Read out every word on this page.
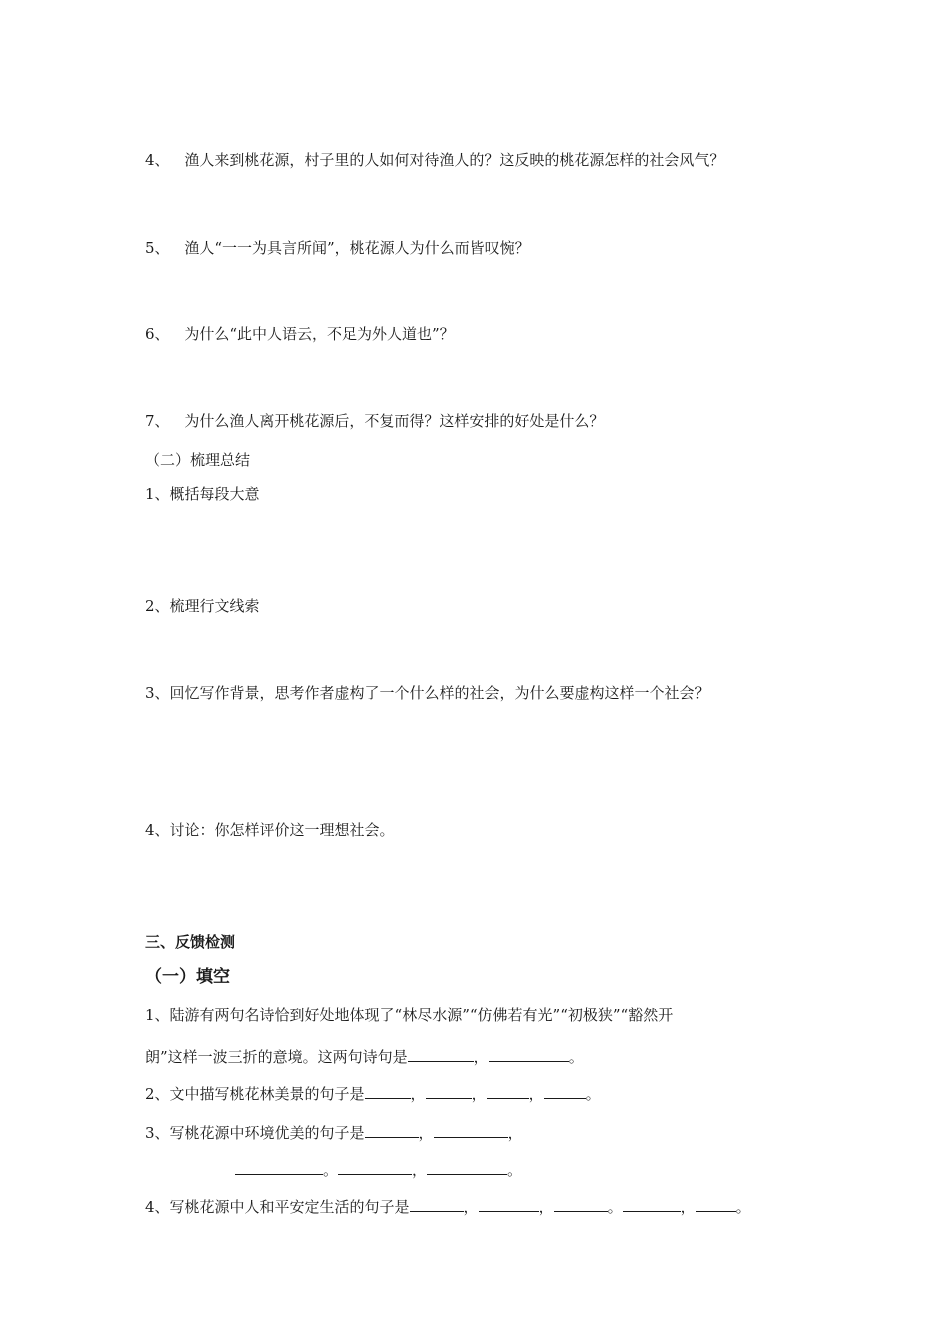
4、 渔人来到桃花源，村子里的人如何对待渔人的？这反映的桃花源怎样的社会风气？
5、 渔人“一一为具言所闻”，桃花源人为什么而皆叹惋？
6、 为什么“此中人语云，不足为外人道也”？
7、 为什么渔人离开桃花源后，不复而得？这样安排的好处是什么？
（二）梳理总结
1、概括每段大意
2、梳理行文线索
3、回忆写作背景，思考作者虚构了一个什么样的社会，为什么要虚构这样一个社会？
4、讨论：你怎样评价这一理想社会。
三、反馈检测
（一）填空
1、陆游有两句名诗恰到好处地体现了“林尽水源”“仿佛若有光”“初极狭”“豁然开
朗”这样一波三折的意境。这两句诗句是	，	。
2、文中描写桃花林美景的句子是	，	，	，	。
3、写桃花源中环境优美的句子是	，	，
。	，	。
4、写桃花源中人和平安定生活的句子是	，	，	。	，	。
